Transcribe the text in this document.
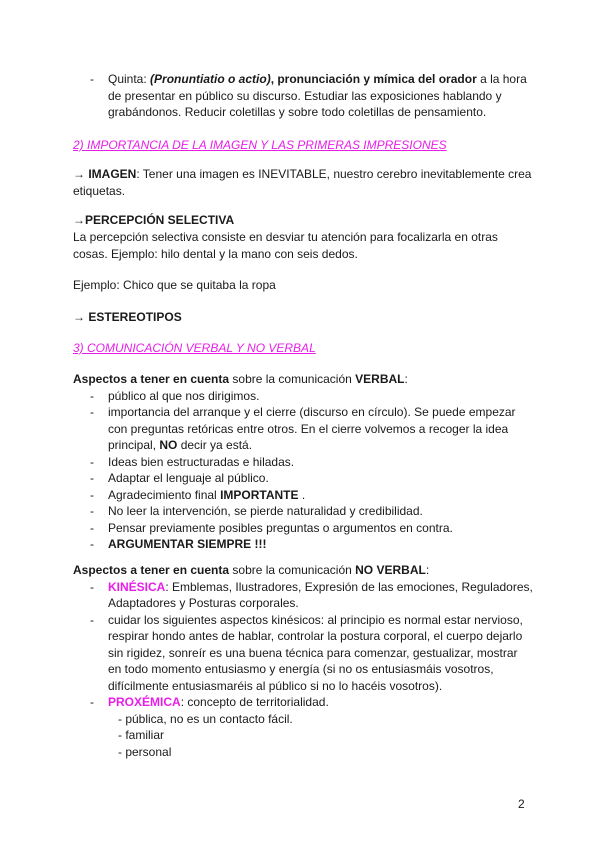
- Quinta: (Pronuntiatio o actio), pronunciación y mímica del orador a la hora de presentar en público su discurso. Estudiar las exposiciones hablando y grabándonos. Reducir coletillas y sobre todo coletillas de pensamiento.
2) IMPORTANCIA DE LA IMAGEN Y LAS PRIMERAS IMPRESIONES
→ IMAGEN: Tener una imagen es INEVITABLE, nuestro cerebro inevitablemente crea etiquetas.
→PERCEPCIÓN SELECTIVA
La percepción selectiva consiste en desviar tu atención para focalizarla en otras cosas. Ejemplo: hilo dental y la mano con seis dedos.
Ejemplo: Chico que se quitaba la ropa
→ ESTEREOTIPOS
3) COMUNICACIÓN VERBAL Y NO VERBAL
Aspectos a tener en cuenta sobre la comunicación VERBAL:
- público al que nos dirigimos.
- importancia del arranque y el cierre (discurso en círculo). Se puede empezar con preguntas retóricas entre otros. En el cierre volvemos a recoger la idea principal, NO decir ya está.
- Ideas bien estructuradas e hiladas.
- Adaptar el lenguaje al público.
- Agradecimiento final IMPORTANTE .
- No leer la intervención, se pierde naturalidad y credibilidad.
- Pensar previamente posibles preguntas o argumentos en contra.
- ARGUMENTAR SIEMPRE !!!
Aspectos a tener en cuenta sobre la comunicación NO VERBAL:
- KINÉSICA: Emblemas, Ilustradores, Expresión de las emociones, Reguladores, Adaptadores y Posturas corporales.
- cuidar los siguientes aspectos kinésicos: al principio es normal estar nervioso, respirar hondo antes de hablar, controlar la postura corporal, el cuerpo dejarlo sin rigidez, sonreír es una buena técnica para comenzar, gestualizar, mostrar en todo momento entusiasmo y energía (si no os entusiasmáis vosotros, difícilmente entusiasmaréis al público si no lo hacéis vosotros).
- PROXÉMICA: concepto de territorialidad.
- pública, no es un contacto fácil.
- familiar
- personal
2
